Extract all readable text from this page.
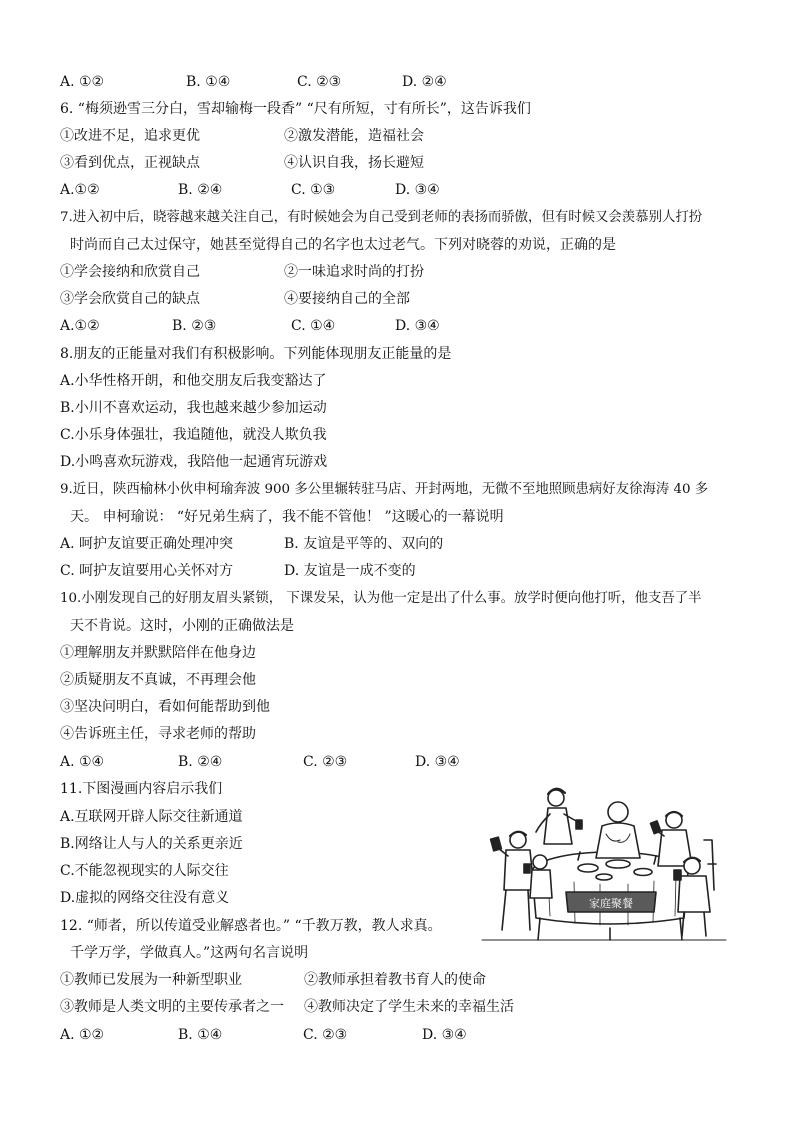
A. ①②	B. ①④	C. ②③	D. ②④
6. “梅须逊雪三分白，雪却输梅一段香” “尺有所短，寸有所长”，这告诉我们
①改进不足，追求更优	②激发潜能，造福社会
③看到优点，正视缺点	④认识自我，扬长避短
A.①②	B. ②④	C. ①③	D. ③④
7.进入初中后，晓蓉越来越关注自己，有时候她会为自己受到老师的表扬而骄傲，但有时候又会羡慕别人打扮
时尚而自己太过保守，她甚至觉得自己的名字也太过老气。下列对晓蓉的劝说，正确的是
①学会接纳和欣赏自己	②一味追求时尚的打扮
③学会欣赏自己的缺点	④要接纳自己的全部
A.①②	B. ②③	C. ①④	D. ③④
8.朋友的正能量对我们有积极影响。下列能体现朋友正能量的是
A.小华性格开朗，和他交朋友后我变豁达了
B.小川不喜欢运动，我也越来越少参加运动
C.小乐身体强壮，我追随他，就没人欺负我
D.小鸣喜欢玩游戏，我陪他一起通宵玩游戏
9.近日，陕西榆林小伙申柯瑜奔波 900 多公里辗转驻马店、开封两地，无微不至地照顾患病好友徐海涛 40 多
天。 申柯瑜说： “好兄弟生病了，我不能不管他！ ”这暖心的一幕说明
A. 呵护友谊要正确处理冲突	B. 友谊是平等的、双向的
C. 呵护友谊要用心关怀对方	D. 友谊是一成不变的
10.小刚发现自己的好朋友眉头紧锁， 下课发呆，认为他一定是出了什么事。放学时便向他打听，他支吾了半
天不肯说。这时，小刚的正确做法是
①理解朋友并默默陪伴在他身边
②质疑朋友不真诚，不再理会他
③坚决问明白，看如何能帮助到他
④告诉班主任，寻求老师的帮助
A. ①④	B. ②④	C. ②③	D. ③④
11.下图漫画内容启示我们
A.互联网开辟人际交往新通道
B.网络让人与人的关系更亲近
C.不能忽视现实的人际交往
D.虚拟的网络交往没有意义	家庭聚餐
12. “师者，所以传道受业解惑者也。” “千教万教，教人求真。
千学万学，学做真人。”这两句名言说明
①教师已发展为一种新型职业	②教师承担着教书育人的使命
③教师是人类文明的主要传承者之一 ④教师决定了学生未来的幸福生活
A. ①②	B. ①④	C. ②③	D. ③④
